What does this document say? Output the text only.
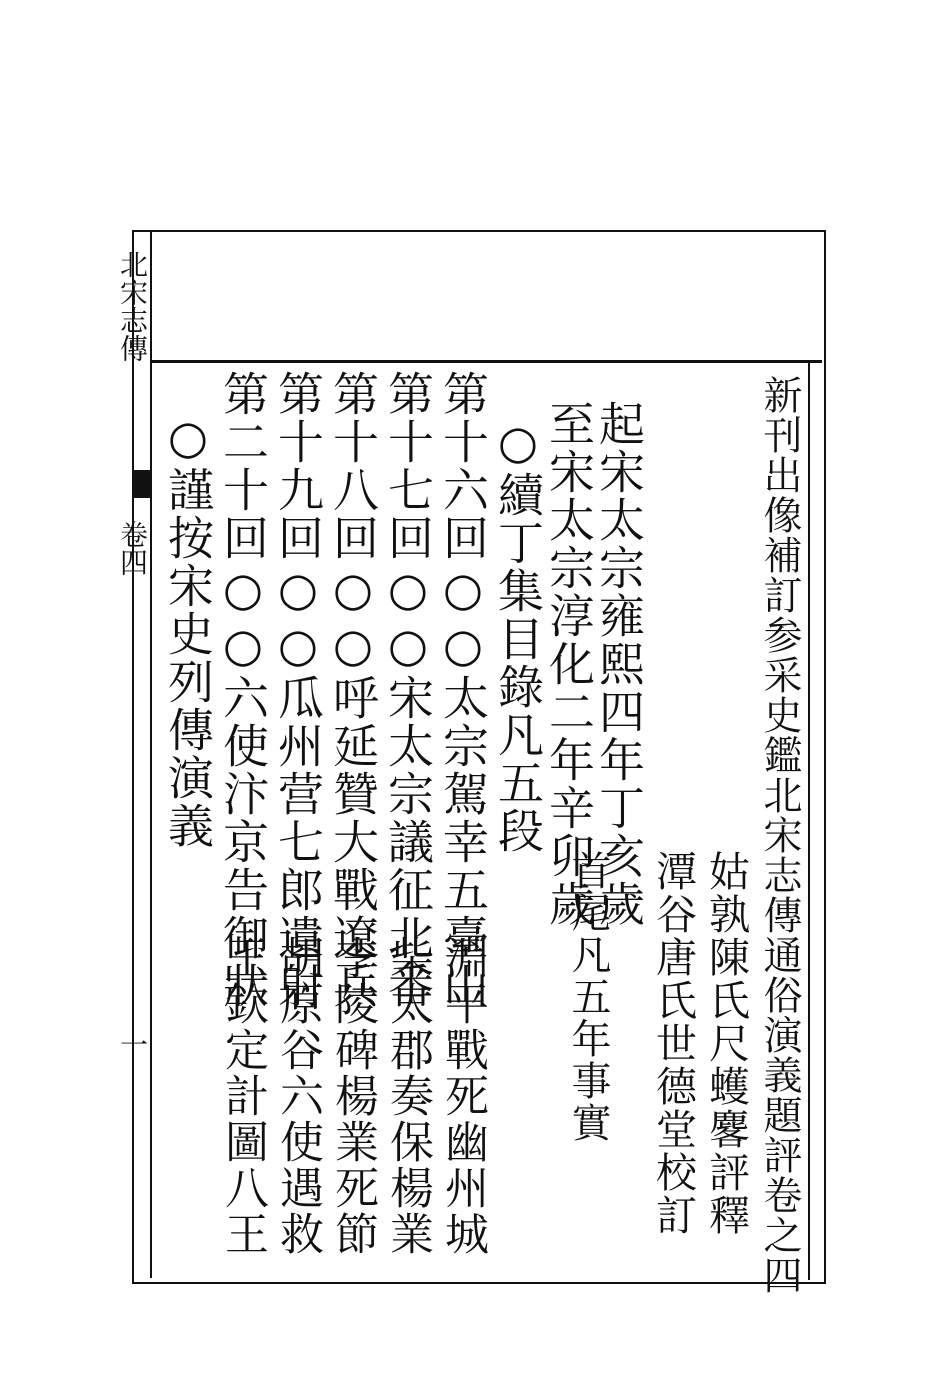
北宋志傳
卷四
一	新刊出像補訂参采史鑑北宋志傳通俗演義題評卷之四
姑孰陳氏尺蠖𪊲評釋
潭谷唐氏世德堂校訂
起宋太宗雍熙四年丁亥歲
至宋太宗淳化二年辛卯歲
首尾凡五年事實
○續丁集目錄凡五段
第十六回○○太宗駕幸五臺山
第十七回○○宋太宗議征北番
第十八回○○呼延贊大戰遼兵
第十九回○○瓜州营七郎遺射
第二十回○○六使汴京告御狀
淵平戰死幽州城
柴太郡奏保楊業
李陵碑楊業死節
胡原谷六使遇救
王欽定計圖八王
○謹按宋史列傳演義
